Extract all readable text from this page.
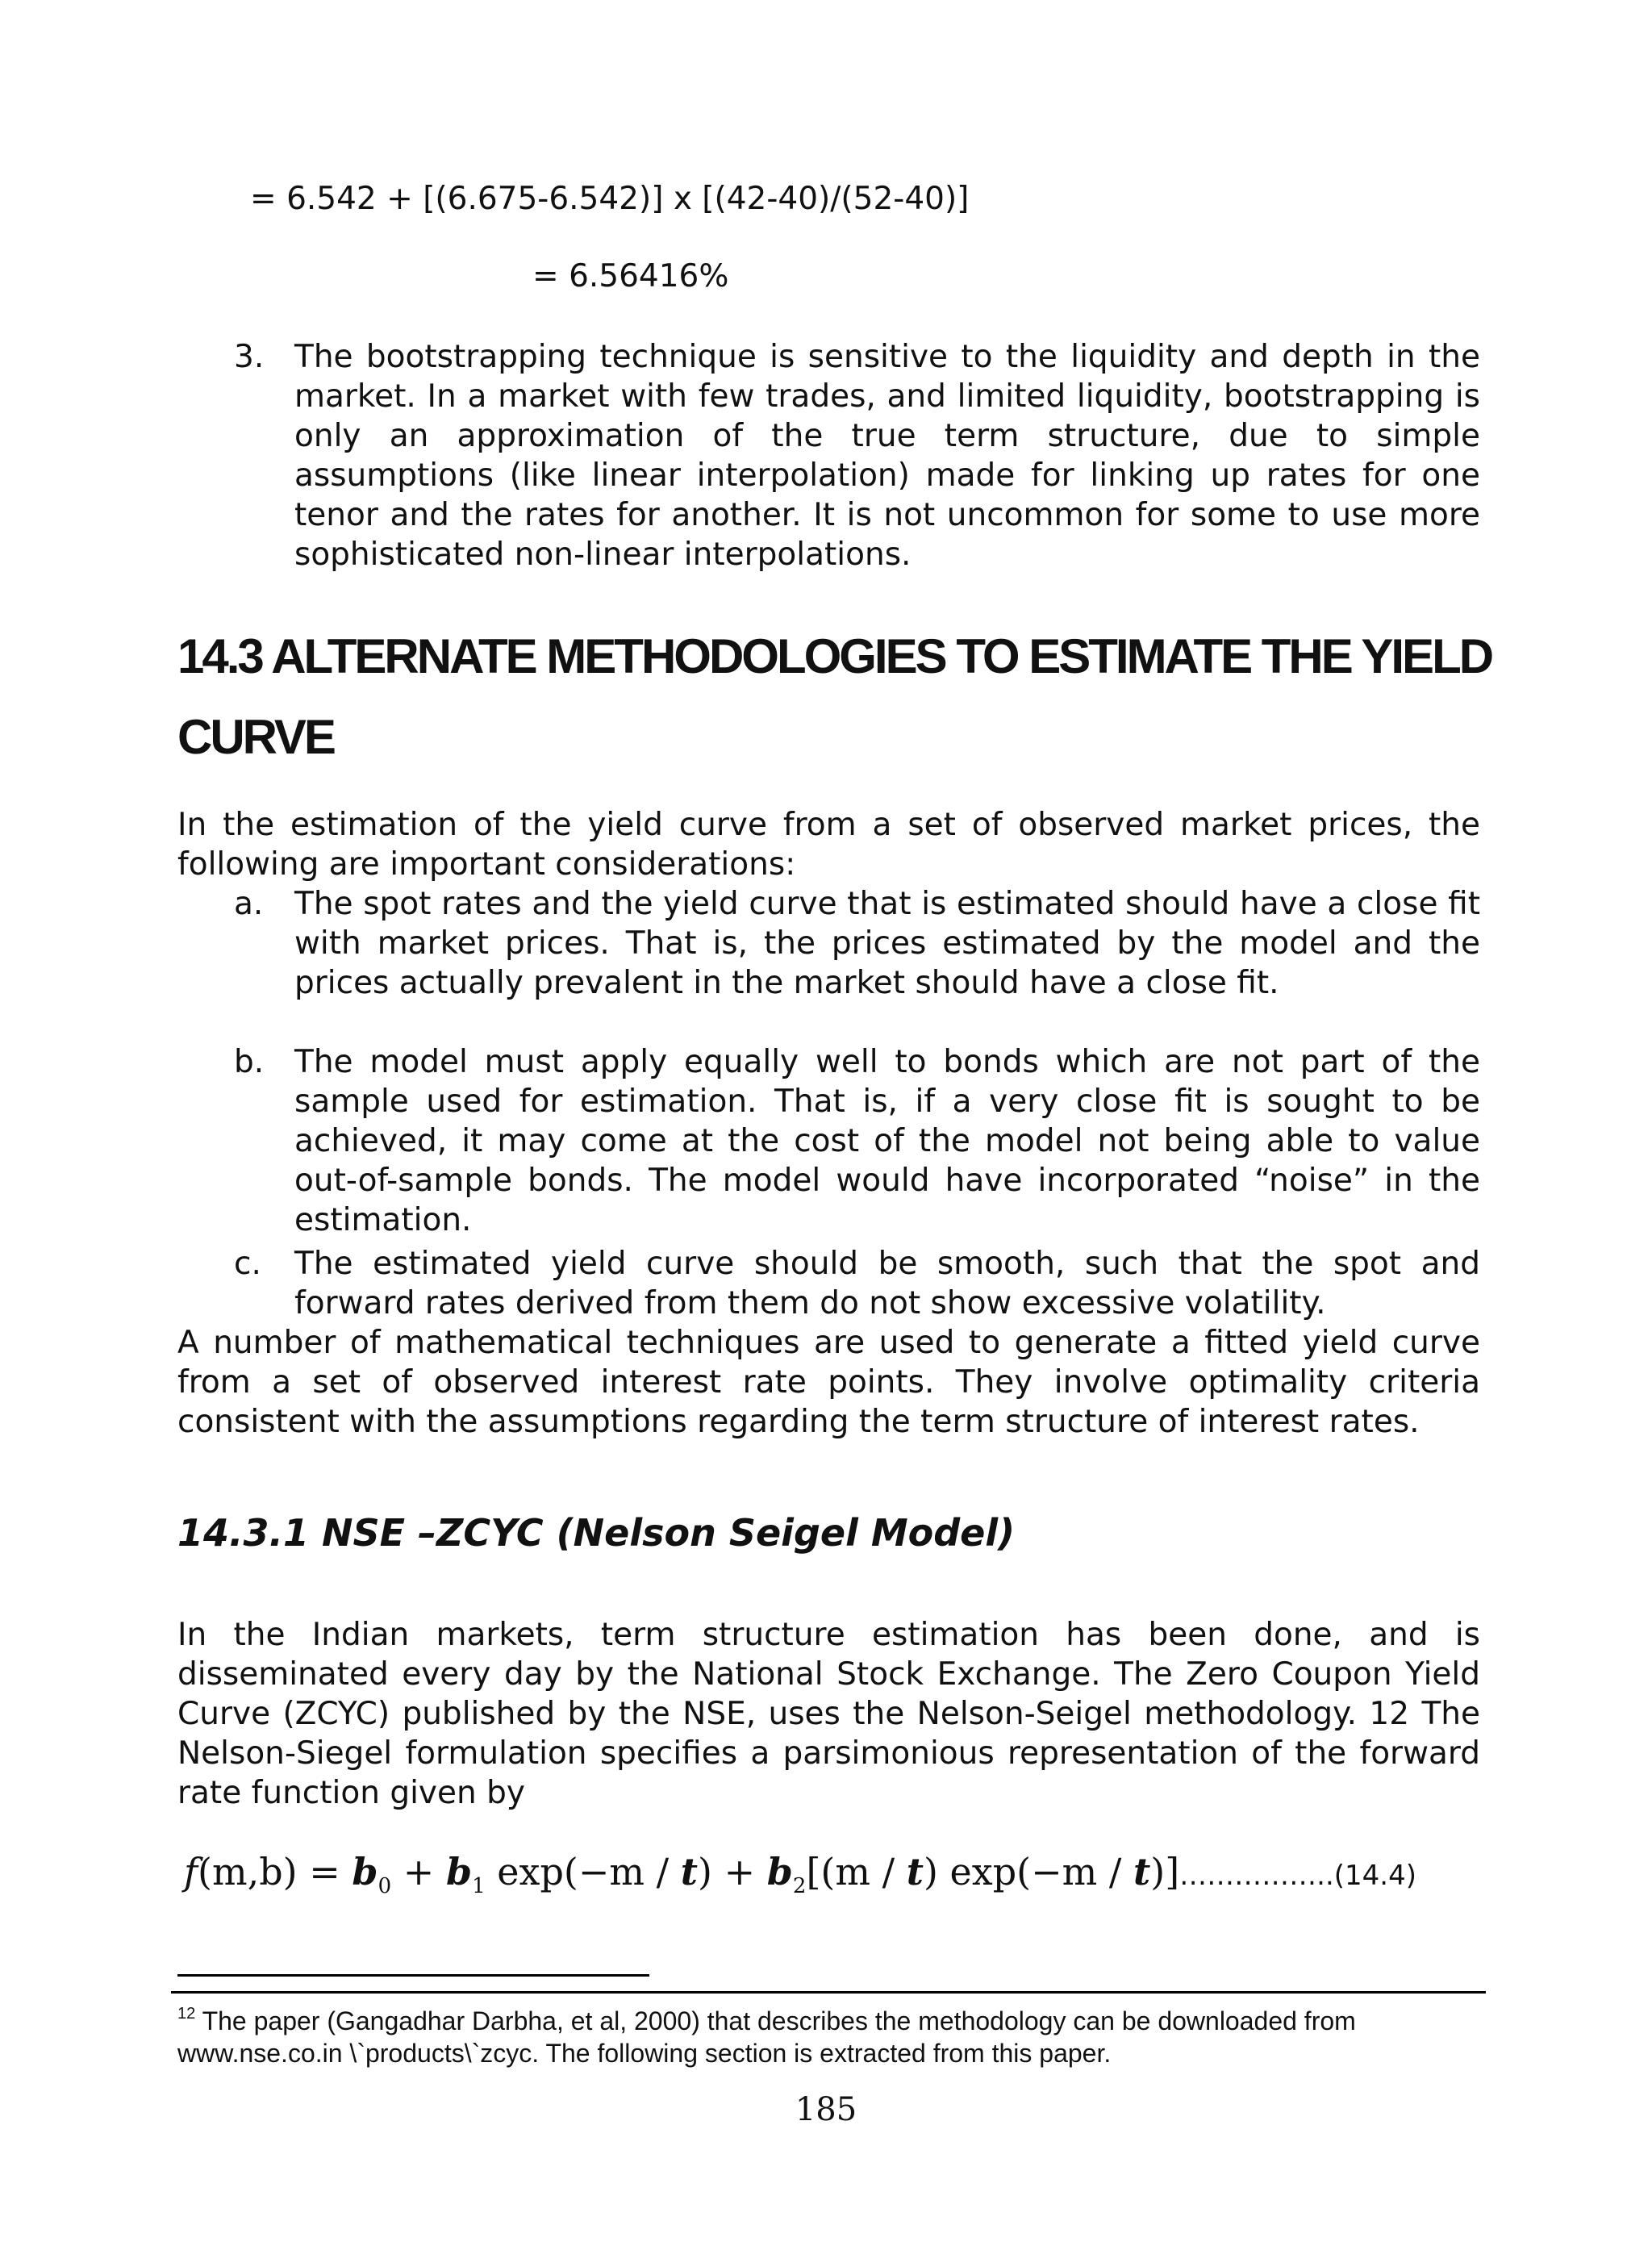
= 6.542 + [(6.675-6.542)] x [(42-40)/(52-40)]
= 6.56416%
3. The bootstrapping technique is sensitive to the liquidity and depth in the market. In a market with few trades, and limited liquidity, bootstrapping is only an approximation of the true term structure, due to simple assumptions (like linear interpolation) made for linking up rates for one tenor and the rates for another. It is not uncommon for some to use more sophisticated non-linear interpolations.
14.3 ALTERNATE METHODOLOGIES TO ESTIMATE THE YIELD CURVE
In the estimation of the yield curve from a set of observed market prices, the following are important considerations:
a. The spot rates and the yield curve that is estimated should have a close fit with market prices. That is, the prices estimated by the model and the prices actually prevalent in the market should have a close fit.
b. The model must apply equally well to bonds which are not part of the sample used for estimation. That is, if a very close fit is sought to be achieved, it may come at the cost of the model not being able to value out-of-sample bonds. The model would have incorporated “noise” in the estimation.
c. The estimated yield curve should be smooth, such that the spot and forward rates derived from them do not show excessive volatility.
A number of mathematical techniques are used to generate a fitted yield curve from a set of observed interest rate points. They involve optimality criteria consistent with the assumptions regarding the term structure of interest rates.
14.3.1 NSE –ZCYC (Nelson Seigel Model)
In the Indian markets, term structure estimation has been done, and is disseminated every day by the National Stock Exchange. The Zero Coupon Yield Curve (ZCYC) published by the NSE, uses the Nelson-Seigel methodology. 12 The Nelson-Siegel formulation specifies a parsimonious representation of the forward rate function given by
$f(m,b) = b_0 + b_1$ $\exp(-m / t) + b_2[(m / t)$ exp(−m / t)]……………..(14.4)
$^{12}$ The paper (Gangadhar Darbha, et al, 2000) that describes the methodology can be downloaded from www.nse.co.in \`products\`zcyc. The following section is extracted from this paper.
185
